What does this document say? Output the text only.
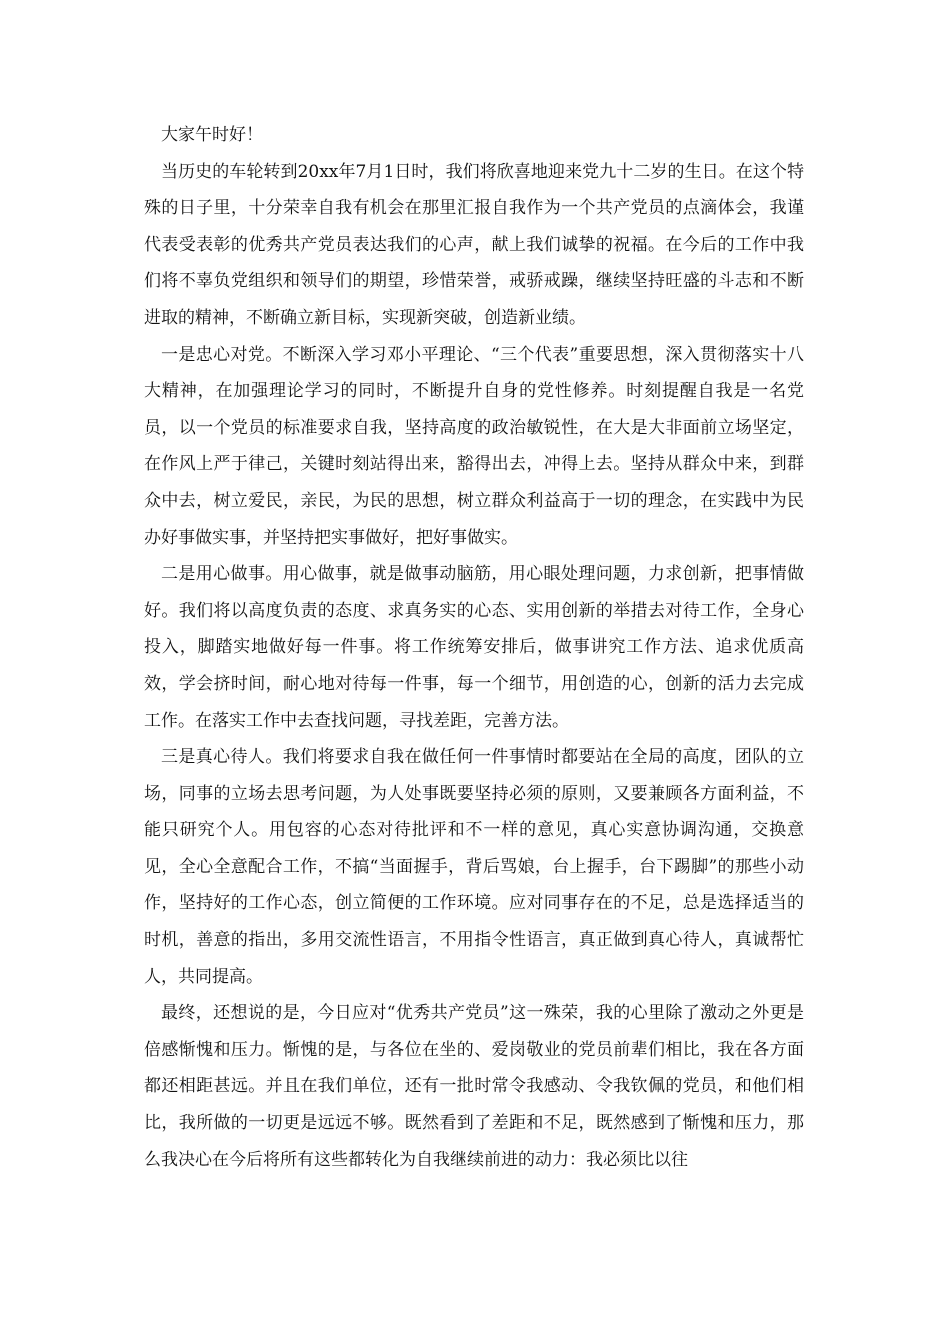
大家午时好！

当历史的车轮转到20xx年7月1日时，我们将欣喜地迎来党九十二岁的生日。在这个特殊的日子里，十分荣幸自我有机会在那里汇报自我作为一个共产党员的点滴体会，我谨代表受表彰的优秀共产党员表达我们的心声，献上我们诚挚的祝福。在今后的工作中我们将不辜负党组织和领导们的期望，珍惜荣誉，戒骄戒躁，继续坚持旺盛的斗志和不断进取的精神，不断确立新目标，实现新突破，创造新业绩。

一是忠心对党。不断深入学习邓小平理论、“三个代表”重要思想，深入贯彻落实十八大精神，在加强理论学习的同时，不断提升自身的党性修养。时刻提醒自我是一名党员，以一个党员的标准要求自我，坚持高度的政治敏锐性，在大是大非面前立场坚定，在作风上严于律己，关键时刻站得出来，豁得出去，冲得上去。坚持从群众中来，到群众中去，树立爱民，亲民，为民的思想，树立群众利益高于一切的理念，在实践中为民办好事做实事，并坚持把实事做好，把好事做实。

二是用心做事。用心做事，就是做事动脑筋，用心眼处理问题，力求创新，把事情做好。我们将以高度负责的态度、求真务实的心态、实用创新的举措去对待工作，全身心投入，脚踏实地做好每一件事。将工作统筹安排后，做事讲究工作方法、追求优质高效，学会挤时间，耐心地对待每一件事，每一个细节，用创造的心，创新的活力去完成工作。在落实工作中去查找问题，寻找差距，完善方法。

三是真心待人。我们将要求自我在做任何一件事情时都要站在全局的高度，团队的立场，同事的立场去思考问题，为人处事既要坚持必须的原则，又要兼顾各方面利益，不能只研究个人。用包容的心态对待批评和不一样的意见，真心实意协调沟通，交换意见，全心全意配合工作，不搞“当面握手，背后骂娘，台上握手，台下踢脚”的那些小动作，坚持好的工作心态，创立简便的工作环境。应对同事存在的不足，总是选择适当的时机，善意的指出，多用交流性语言，不用指令性语言，真正做到真心待人，真诚帮忙人，共同提高。

最终，还想说的是，今日应对“优秀共产党员”这一殊荣，我的心里除了激动之外更是倍感惭愧和压力。惭愧的是，与各位在坐的、爱岗敬业的党员前辈们相比，我在各方面都还相距甚远。并且在我们单位，还有一批时常令我感动、令我钦佩的党员，和他们相比，我所做的一切更是远远不够。既然看到了差距和不足，既然感到了惭愧和压力，那么我决心在今后将所有这些都转化为自我继续前进的动力：我必须比以往
